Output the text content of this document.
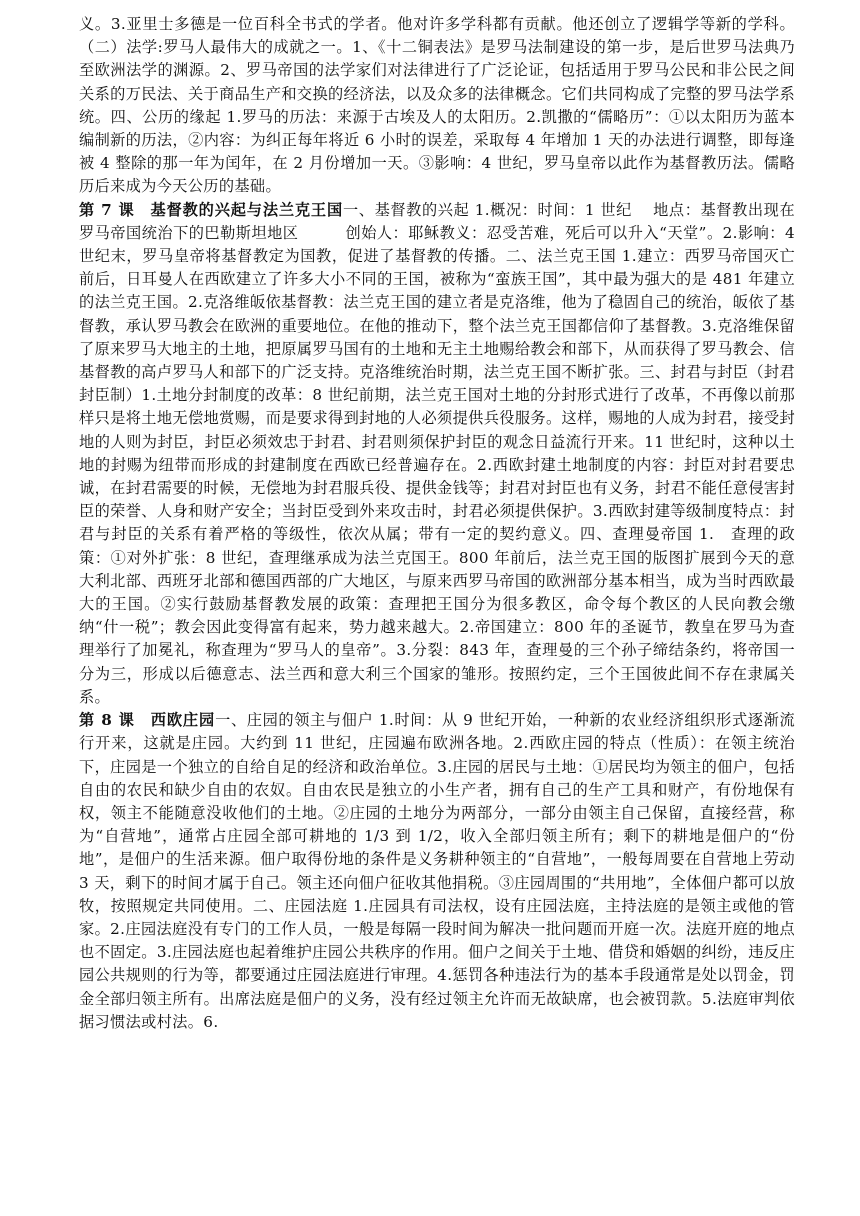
义。3.亚里士多德是一位百科全书式的学者。他对许多学科都有贡献。他还创立了逻辑学等新的学科。（二）法学:罗马人最伟大的成就之一。1、《十二铜表法》是罗马法制建设的第一步，是后世罗马法典乃至欧洲法学的渊源。2、罗马帝国的法学家们对法律进行了广泛论证，包括适用于罗马公民和非公民之间关系的万民法、关于商品生产和交换的经济法，以及众多的法律概念。它们共同构成了完整的罗马法学系统。四、公历的缘起 1.罗马的历法：来源于古埃及人的太阳历。2.凯撒的“儒略历”：①以太阳历为蓝本编制新的历法，②内容：为纠正每年将近 6 小时的误差，采取每 4 年增加 1 天的办法进行调整，即每逢被 4 整除的那一年为闰年，在 2 月份增加一天。③影响：4 世纪，罗马皇帝以此作为基督教历法。儒略历后来成为今天公历的基础。

第 7 课　基督教的兴起与法兰克王国一、基督教的兴起 1.概况：时间：1 世纪　 地点：基督教出现在罗马帝国统治下的巴勒斯坦地区　　　创始人：耶稣教义：忍受苦难，死后可以升入“天堂”。2.影响：4 世纪末，罗马皇帝将基督教定为国教，促进了基督教的传播。二、法兰克王国 1.建立：西罗马帝国灭亡前后，日耳曼人在西欧建立了许多大小不同的王国，被称为“蛮族王国”，其中最为强大的是 481 年建立的法兰克王国。2.克洛维皈依基督教：法兰克王国的建立者是克洛维，他为了稳固自己的统治，皈依了基督教，承认罗马教会在欧洲的重要地位。在他的推动下，整个法兰克王国都信仰了基督教。3.克洛维保留了原来罗马大地主的土地，把原属罗马国有的土地和无主土地赐给教会和部下，从而获得了罗马教会、信基督教的高卢罗马人和部下的广泛支持。克洛维统治时期，法兰克王国不断扩张。三、封君与封臣（封君封臣制）1.土地分封制度的改革：8 世纪前期，法兰克王国对土地的分封形式进行了改革，不再像以前那样只是将土地无偿地赏赐，而是要求得到封地的人必须提供兵役服务。这样，赐地的人成为封君，接受封地的人则为封臣，封臣必须效忠于封君、封君则须保护封臣的观念日益流行开来。11 世纪时，这种以土地的封赐为纽带而形成的封建制度在西欧已经普遍存在。2.西欧封建土地制度的内容：封臣对封君要忠诚，在封君需要的时候，无偿地为封君服兵役、提供金钱等；封君对封臣也有义务，封君不能任意侵害封臣的荣誉、人身和财产安全；当封臣受到外来攻击时，封君必须提供保护。3.西欧封建等级制度特点：封君与封臣的关系有着严格的等级性，依次从属；带有一定的契约意义。四、查理曼帝国 1.　查理的政策：①对外扩张：8 世纪，查理继承成为法兰克国王。800 年前后，法兰克王国的版图扩展到今天的意大利北部、西班牙北部和德国西部的广大地区，与原来西罗马帝国的欧洲部分基本相当，成为当时西欧最大的王国。②实行鼓励基督教发展的政策：查理把王国分为很多教区，命令每个教区的人民向教会缴纳“什一税”；教会因此变得富有起来，势力越来越大。2.帝国建立：800 年的圣诞节，教皇在罗马为查理举行了加冕礼，称查理为“罗马人的皇帝”。3.分裂：843 年，查理曼的三个孙子缔结条约，将帝国一分为三，形成以后德意志、法兰西和意大利三个国家的雏形。按照约定，三个王国彼此间不存在隶属关系。

第 8 课　西欧庄园一、庄园的领主与佃户 1.时间：从 9 世纪开始，一种新的农业经济组织形式逐渐流行开来，这就是庄园。大约到 11 世纪，庄园遍布欧洲各地。2.西欧庄园的特点（性质）：在领主统治下，庄园是一个独立的自给自足的经济和政治单位。3.庄园的居民与土地：①居民均为领主的佃户，包括自由的农民和缺少自由的农奴。自由农民是独立的小生产者，拥有自己的生产工具和财产，有份地保有权，领主不能随意没收他们的土地。②庄园的土地分为两部分，一部分由领主自己保留，直接经营，称为“自营地”，通常占庄园全部可耕地的 1/3 到 1/2，收入全部归领主所有；剩下的耕地是佃户的“份地”，是佃户的生活来源。佃户取得份地的条件是义务耕种领主的“自营地”，一般每周要在自营地上劳动 3 天，剩下的时间才属于自己。领主还向佃户征收其他捐税。③庄园周围的“共用地”，全体佃户都可以放牧，按照规定共同使用。二、庄园法庭 1.庄园具有司法权，设有庄园法庭，主持法庭的是领主或他的管家。2.庄园法庭没有专门的工作人员，一般是每隔一段时间为解决一批问题而开庭一次。法庭开庭的地点也不固定。3.庄园法庭也起着维护庄园公共秩序的作用。佃户之间关于土地、借贷和婚姻的纠纷，违反庄园公共规则的行为等，都要通过庄园法庭进行审理。4.惩罚各种违法行为的基本手段通常是处以罚金，罚金全部归领主所有。出席法庭是佃户的义务，没有经过领主允许而无故缺席，也会被罚款。5.法庭审判依据习惯法或村法。6.
